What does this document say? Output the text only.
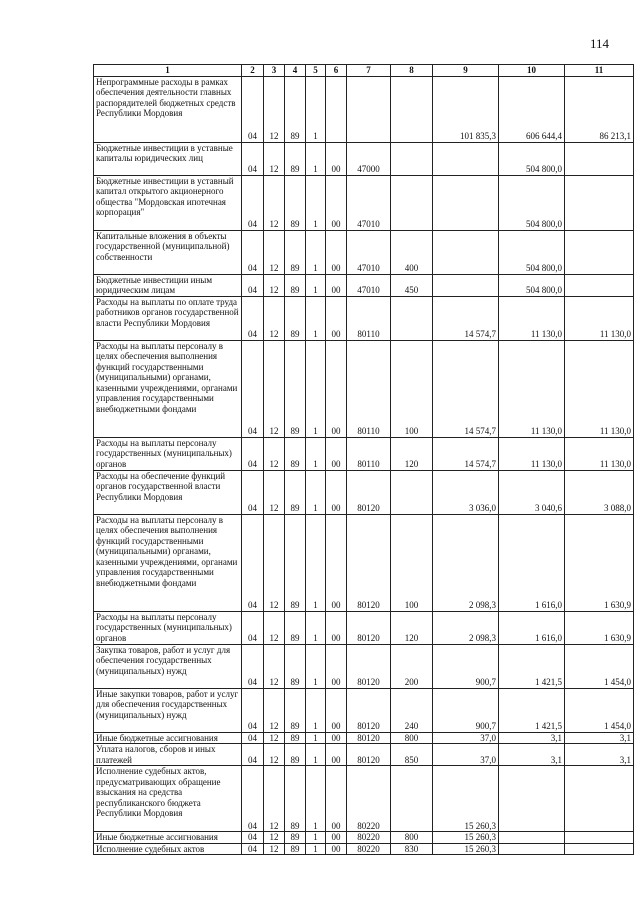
114
1	2	3	4	5	6	7	8	9	10	11
Непрограммные расходы в рамках обеспечения деятельности главных распорядителей бюджетных средств Республики Мордовия	04	12	89	1				101 835,3	606 644,4	86 213,1
Бюджетные инвестиции в уставные капиталы юридических лиц	04	12	89	1	00	47000			504 800,0	
Бюджетные инвестиции в уставный капитал открытого акционерного общества "Мордовская ипотечная корпорация"	04	12	89	1	00	47010			504 800,0	
Капитальные вложения в объекты государственной (муниципальной) собственности	04	12	89	1	00	47010	400		504 800,0	
Бюджетные инвестиции иным юридическим лицам	04	12	89	1	00	47010	450		504 800,0	
Расходы на выплаты по оплате труда работников органов государственной власти Республики Мордовия	04	12	89	1	00	80110		14 574,7	11 130,0	11 130,0
Расходы на выплаты персоналу в целях обеспечения выполнения функций государственными (муниципальными) органами, казенными учреждениями, органами управления государственными внебюджетными фондами	04	12	89	1	00	80110	100	14 574,7	11 130,0	11 130,0
Расходы на выплаты персоналу государственных (муниципальных) органов	04	12	89	1	00	80110	120	14 574,7	11 130,0	11 130,0
Расходы на обеспечение функций органов государственной власти Республики Мордовия	04	12	89	1	00	80120		3 036,0	3 040,6	3 088,0
Расходы на выплаты персоналу в целях обеспечения выполнения функций государственными (муниципальными) органами, казенными учреждениями, органами управления государственными внебюджетными фондами	04	12	89	1	00	80120	100	2 098,3	1 616,0	1 630,9
Расходы на выплаты персоналу государственных (муниципальных) органов	04	12	89	1	00	80120	120	2 098,3	1 616,0	1 630,9
Закупка товаров, работ и услуг для обеспечения государственных (муниципальных) нужд	04	12	89	1	00	80120	200	900,7	1 421,5	1 454,0
Иные закупки товаров, работ и услуг для обеспечения государственных (муниципальных) нужд	04	12	89	1	00	80120	240	900,7	1 421,5	1 454,0
Иные бюджетные ассигнования	04	12	89	1	00	80120	800	37,0	3,1	3,1
Уплата налогов, сборов и иных платежей	04	12	89	1	00	80120	850	37,0	3,1	3,1
Исполнение судебных актов, предусматривающих обращение взыскания на средства республиканского бюджета Республики Мордовия	04	12	89	1	00	80220		15 260,3		
Иные бюджетные ассигнования	04	12	89	1	00	80220	800	15 260,3		
Исполнение судебных актов	04	12	89	1	00	80220	830	15 260,3		
